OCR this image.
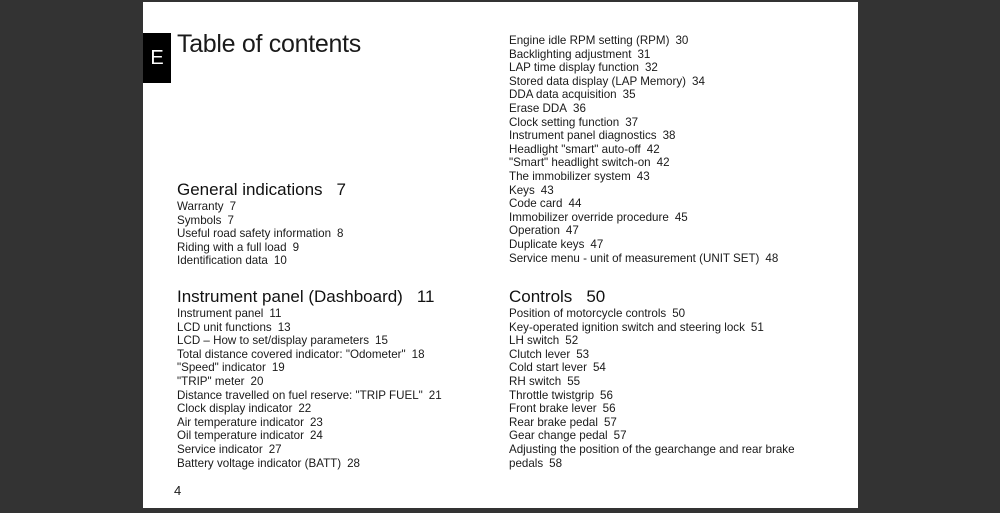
E Table of contents
General indications 7
Warranty 7
Symbols 7
Useful road safety information 8
Riding with a full load 9
Identification data 10
Instrument panel (Dashboard) 11
Instrument panel 11
LCD unit functions 13
LCD – How to set/display parameters 15
Total distance covered indicator: "Odometer" 18
"Speed" indicator 19
"TRIP" meter 20
Distance travelled on fuel reserve: "TRIP FUEL" 21
Clock display indicator 22
Air temperature indicator 23
Oil temperature indicator 24
Service indicator 27
Battery voltage indicator (BATT) 28
Engine idle RPM setting (RPM) 30
Backlighting adjustment 31
LAP time display function 32
Stored data display (LAP Memory) 34
DDA data acquisition 35
Erase DDA 36
Clock setting function 37
Instrument panel diagnostics 38
Headlight "smart" auto-off 42
"Smart" headlight switch-on 42
The immobilizer system 43
Keys 43
Code card 44
Immobilizer override procedure 45
Operation 47
Duplicate keys 47
Service menu - unit of measurement (UNIT SET) 48
Controls 50
Position of motorcycle controls 50
Key-operated ignition switch and steering lock 51
LH switch 52
Clutch lever 53
Cold start lever 54
RH switch 55
Throttle twistgrip 56
Front brake lever 56
Rear brake pedal 57
Gear change pedal 57
Adjusting the position of the gearchange and rear brake pedals 58
4
